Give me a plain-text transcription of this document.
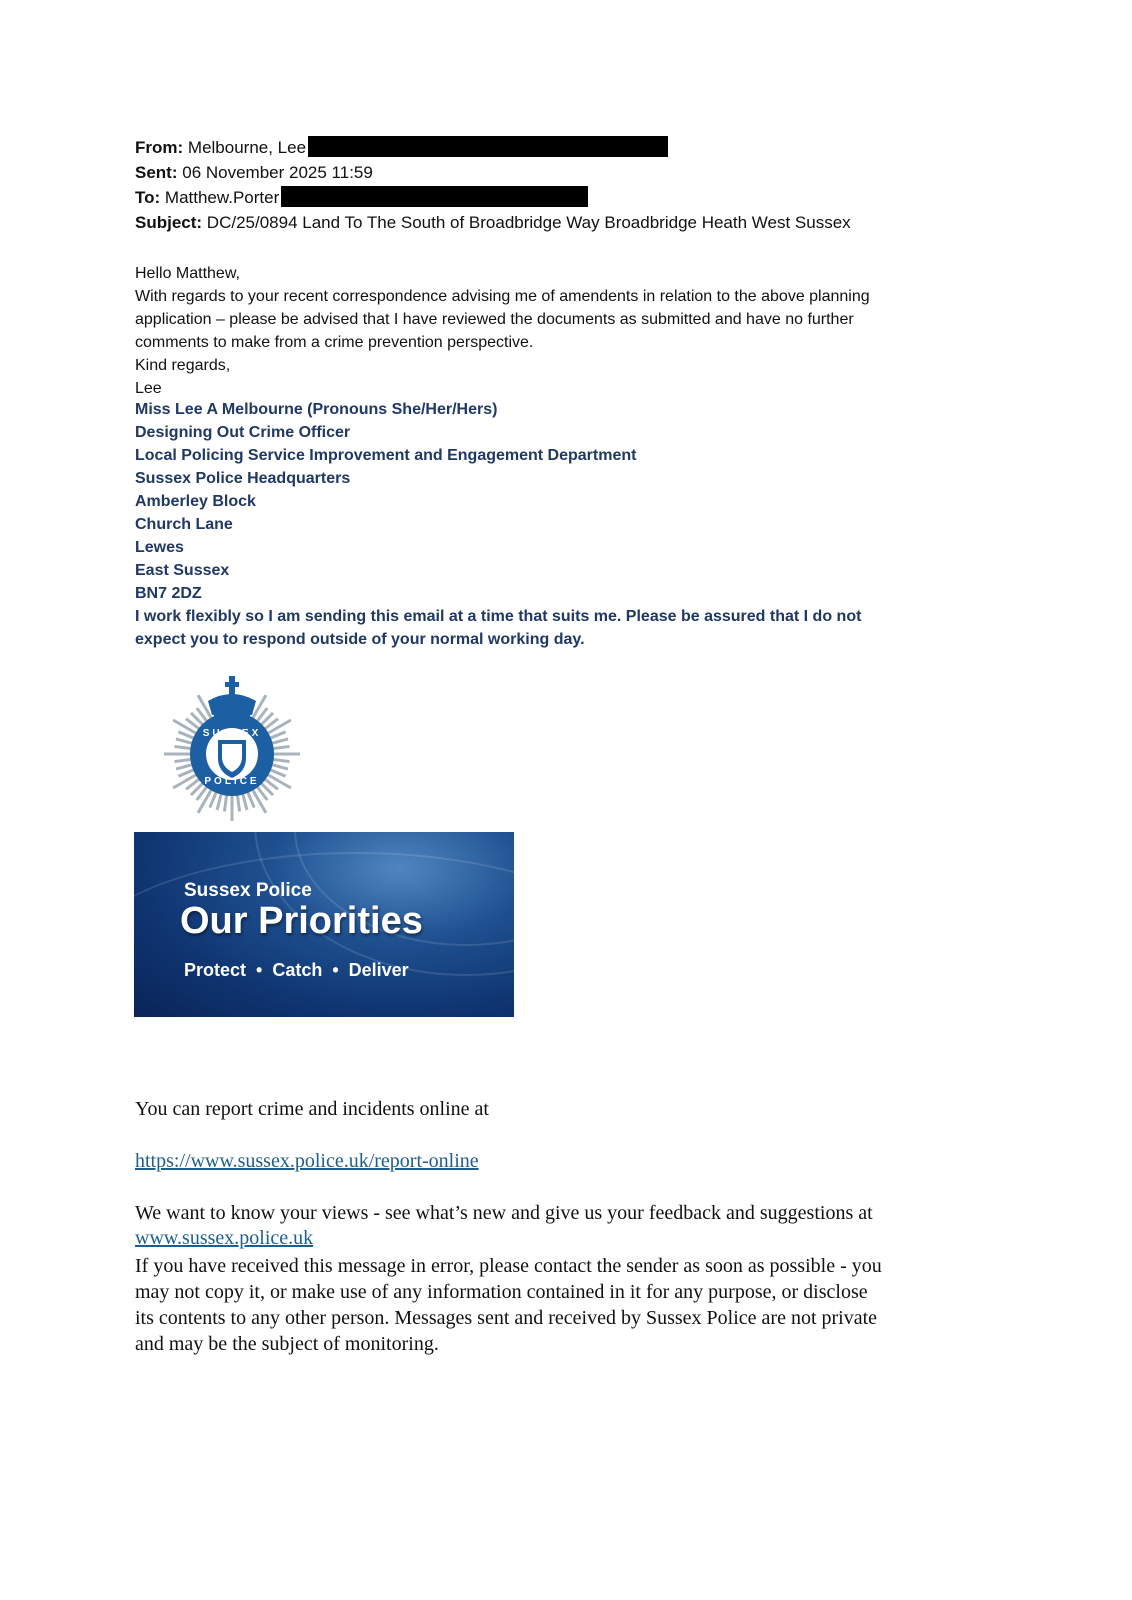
From: Melbourne, Lee
Sent: 06 November 2025 11:59
To: Matthew.Porter
Subject: DC/25/0894 Land To The South of Broadbridge Way Broadbridge Heath West Sussex
Hello Matthew,
With regards to your recent correspondence advising me of amendents in relation to the above planning
application – please be advised that I have reviewed the documents as submitted and have no further
comments to make from a crime prevention perspective.
Kind regards,
Lee
Miss Lee A Melbourne (Pronouns She/Her/Hers)
Designing Out Crime Officer
Local Policing Service Improvement and Engagement Department
Sussex Police Headquarters
Amberley Block
Church Lane
Lewes
East Sussex
BN7 2DZ
I work flexibly so I am sending this email at a time that suits me. Please be assured that I do not
expect you to respond outside of your normal working day.
SUSSEX
POLICE
Sussex Police
Our Priorities
Protect  •  Catch  •  Deliver
You can report crime and incidents online at
https://www.sussex.police.uk/report-online
We want to know your views - see what’s new and give us your feedback and suggestions at
www.sussex.police.uk
If you have received this message in error, please contact the sender as soon as possible - you
may not copy it, or make use of any information contained in it for any purpose, or disclose
its contents to any other person. Messages sent and received by Sussex Police are not private
and may be the subject of monitoring.
